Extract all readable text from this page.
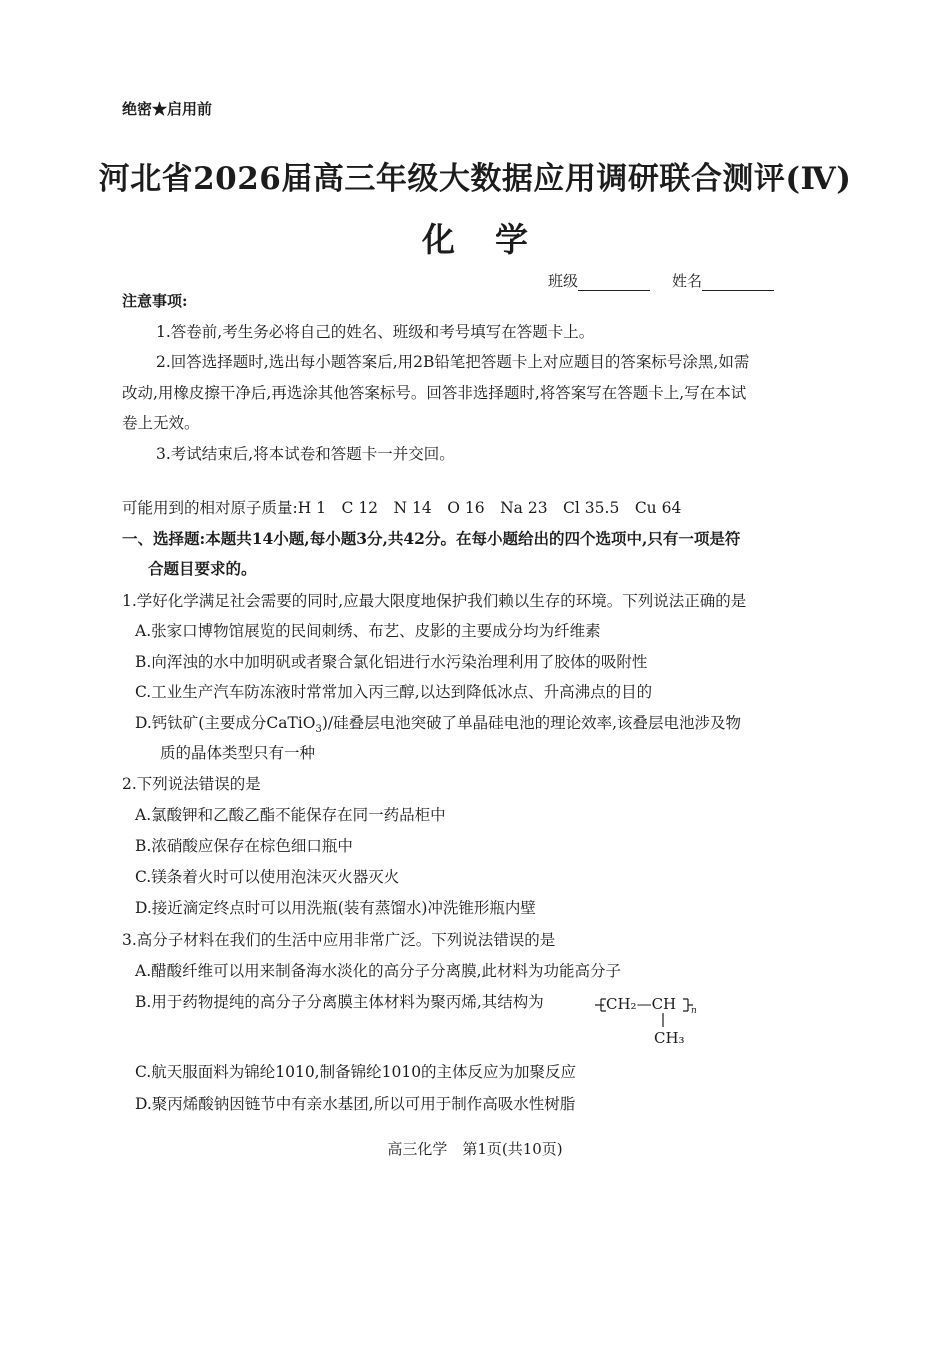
绝密★启用前
河北省2026届高三年级大数据应用调研联合测评(Ⅳ)
化学
班级	姓名
注意事项:
1.答卷前,考生务必将自己的姓名、班级和考号填写在答题卡上。
2.回答选择题时,选出每小题答案后,用2B铅笔把答题卡上对应题目的答案标号涂黑,如需
改动,用橡皮擦干净后,再选涂其他答案标号。回答非选择题时,将答案写在答题卡上,写在本试
卷上无效。
3.考试结束后,将本试卷和答题卡一并交回。
可能用到的相对原子质量:H 1　C 12　N 14　O 16　Na 23　Cl 35.5　Cu 64
一、选择题:本题共14小题,每小题3分,共42分。在每小题给出的四个选项中,只有一项是符
合题目要求的。
1.学好化学满足社会需要的同时,应最大限度地保护我们赖以生存的环境。下列说法正确的是
A.张家口博物馆展览的民间刺绣、布艺、皮影的主要成分均为纤维素
B.向浑浊的水中加明矾或者聚合氯化铝进行水污染治理利用了胶体的吸附性
C.工业生产汽车防冻液时常常加入丙三醇,以达到降低冰点、升高沸点的目的
D.钙钛矿(主要成分CaTiO$_3$)/硅叠层电池突破了单晶硅电池的理论效率,该叠层电池涉及物
质的晶体类型只有一种
2.下列说法错误的是
A.氯酸钾和乙酸乙酯不能保存在同一药品柜中
B.浓硝酸应保存在棕色细口瓶中
C.镁条着火时可以使用泡沫灭火器灭火
D.接近滴定终点时可以用洗瓶(装有蒸馏水)冲洗锥形瓶内壁
3.高分子材料在我们的生活中应用非常广泛。下列说法错误的是
A.醋酸纤维可以用来制备海水淡化的高分子分离膜,此材料为功能高分子
B.用于药物提纯的高分子分离膜主体材料为聚丙烯,其结构为	CH₂—CH n
CH₃
C.航天服面料为锦纶1010,制备锦纶1010的主体反应为加聚反应
D.聚丙烯酸钠因链节中有亲水基团,所以可用于制作高吸水性树脂
高三化学　第1页(共10页)
